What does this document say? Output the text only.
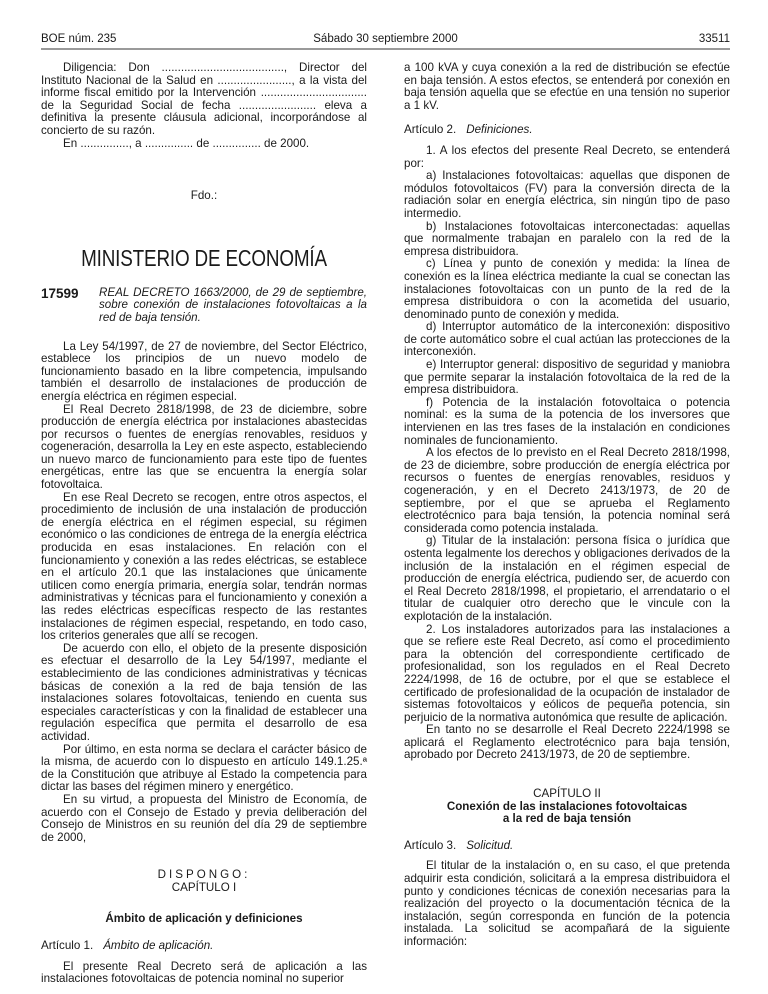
BOE núm. 235	Sábado 30 septiembre 2000	33511

Diligencia: Don ......................................, Director del Instituto Nacional de la Salud en ......................., a la vista del informe fiscal emitido por la Intervención ................................. de la Seguridad Social de fecha ........................ eleva a definitiva la presente cláusula adicional, incorporándose al concierto de su razón.

En ..............., a ............... de ............... de 2000.

Fdo.:
MINISTERIO DE ECONOMÍA
17599	REAL DECRETO 1663/2000, de 29 de septiembre, sobre conexión de instalaciones fotovoltaicas a la red de baja tensión.

La Ley 54/1997, de 27 de noviembre, del Sector Eléctrico, establece los principios de un nuevo modelo de funcionamiento basado en la libre competencia, impulsando también el desarrollo de instalaciones de producción de energía eléctrica en régimen especial.

El Real Decreto 2818/1998, de 23 de diciembre, sobre producción de energía eléctrica por instalaciones abastecidas por recursos o fuentes de energías renovables, residuos y cogeneración, desarrolla la Ley en este aspecto, estableciendo un nuevo marco de funcionamiento para este tipo de fuentes energéticas, entre las que se encuentra la energía solar fotovoltaica.

En ese Real Decreto se recogen, entre otros aspectos, el procedimiento de inclusión de una instalación de producción de energía eléctrica en el régimen especial, su régimen económico o las condiciones de entrega de la energía eléctrica producida en esas instalaciones. En relación con el funcionamiento y conexión a las redes eléctricas, se establece en el artículo 20.1 que las instalaciones que únicamente utilicen como energía primaria, energía solar, tendrán normas administrativas y técnicas para el funcionamiento y conexión a las redes eléctricas específicas respecto de las restantes instalaciones de régimen especial, respetando, en todo caso, los criterios generales que allí se recogen.

De acuerdo con ello, el objeto de la presente disposición es efectuar el desarrollo de la Ley 54/1997, mediante el establecimiento de las condiciones administrativas y técnicas básicas de conexión a la red de baja tensión de las instalaciones solares fotovoltaicas, teniendo en cuenta sus especiales características y con la finalidad de establecer una regulación específica que permita el desarrollo de esa actividad.

Por último, en esta norma se declara el carácter básico de la misma, de acuerdo con lo dispuesto en artículo 149.1.25.ª de la Constitución que atribuye al Estado la competencia para dictar las bases del régimen minero y energético.

En su virtud, a propuesta del Ministro de Economía, de acuerdo con el Consejo de Estado y previa deliberación del Consejo de Ministros en su reunión del día 29 de septiembre de 2000,

DISPONGO:
CAPÍTULO I
Ámbito de aplicación y definiciones

Artículo 1. Ámbito de aplicación.

El presente Real Decreto será de aplicación a las instalaciones fotovoltaicas de potencia nominal no superior

a 100 kVA y cuya conexión a la red de distribución se efectúe en baja tensión. A estos efectos, se entenderá por conexión en baja tensión aquella que se efectúe en una tensión no superior a 1 kV.

Artículo 2. Definiciones.

1. A los efectos del presente Real Decreto, se entenderá por:

a) Instalaciones fotovoltaicas: aquellas que disponen de módulos fotovoltaicos (FV) para la conversión directa de la radiación solar en energía eléctrica, sin ningún tipo de paso intermedio.

b) Instalaciones fotovoltaicas interconectadas: aquellas que normalmente trabajan en paralelo con la red de la empresa distribuidora.

c) Línea y punto de conexión y medida: la línea de conexión es la línea eléctrica mediante la cual se conectan las instalaciones fotovoltaicas con un punto de la red de la empresa distribuidora o con la acometida del usuario, denominado punto de conexión y medida.

d) Interruptor automático de la interconexión: dispositivo de corte automático sobre el cual actúan las protecciones de la interconexión.

e) Interruptor general: dispositivo de seguridad y maniobra que permite separar la instalación fotovoltaica de la red de la empresa distribuidora.

f) Potencia de la instalación fotovoltaica o potencia nominal: es la suma de la potencia de los inversores que intervienen en las tres fases de la instalación en condiciones nominales de funcionamiento.

A los efectos de lo previsto en el Real Decreto 2818/1998, de 23 de diciembre, sobre producción de energía eléctrica por recursos o fuentes de energías renovables, residuos y cogeneración, y en el Decreto 2413/1973, de 20 de septiembre, por el que se aprueba el Reglamento electrotécnico para baja tensión, la potencia nominal será considerada como potencia instalada.

g) Titular de la instalación: persona física o jurídica que ostenta legalmente los derechos y obligaciones derivados de la inclusión de la instalación en el régimen especial de producción de energía eléctrica, pudiendo ser, de acuerdo con el Real Decreto 2818/1998, el propietario, el arrendatario o el titular de cualquier otro derecho que le vincule con la explotación de la instalación.

2. Los instaladores autorizados para las instalaciones a que se refiere este Real Decreto, así como el procedimiento para la obtención del correspondiente certificado de profesionalidad, son los regulados en el Real Decreto 2224/1998, de 16 de octubre, por el que se establece el certificado de profesionalidad de la ocupación de instalador de sistemas fotovoltaicos y eólicos de pequeña potencia, sin perjuicio de la normativa autonómica que resulte de aplicación.

En tanto no se desarrolle el Real Decreto 2224/1998 se aplicará el Reglamento electrotécnico para baja tensión, aprobado por Decreto 2413/1973, de 20 de septiembre.

CAPÍTULO II
Conexión de las instalaciones fotovoltaicas
a la red de baja tensión

Artículo 3. Solicitud.

El titular de la instalación o, en su caso, el que pretenda adquirir esta condición, solicitará a la empresa distribuidora el punto y condiciones técnicas de conexión necesarias para la realización del proyecto o la documentación técnica de la instalación, según corresponda en función de la potencia instalada. La solicitud se acompañará de la siguiente información:
